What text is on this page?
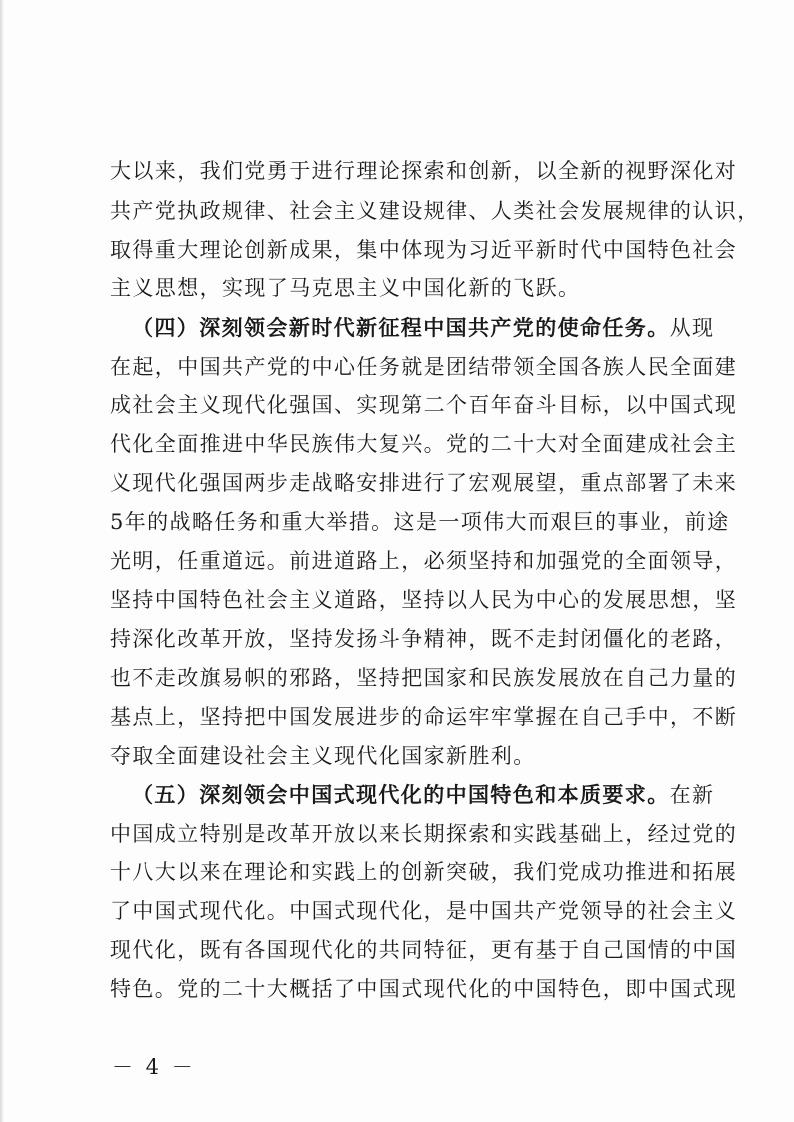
大以来，我们党勇于进行理论探索和创新，以全新的视野深化对
共产党执政规律、社会主义建设规律、人类社会发展规律的认识，
取得重大理论创新成果，集中体现为习近平新时代中国特色社会
主义思想，实现了马克思主义中国化新的飞跃。
（四）深刻领会新时代新征程中国共产党的使命任务。从现
在起，中国共产党的中心任务就是团结带领全国各族人民全面建
成社会主义现代化强国、实现第二个百年奋斗目标，以中国式现
代化全面推进中华民族伟大复兴。党的二十大对全面建成社会主
义现代化强国两步走战略安排进行了宏观展望，重点部署了未来
5年的战略任务和重大举措。这是一项伟大而艰巨的事业，前途
光明，任重道远。前进道路上，必须坚持和加强党的全面领导，
坚持中国特色社会主义道路，坚持以人民为中心的发展思想，坚
持深化改革开放，坚持发扬斗争精神，既不走封闭僵化的老路，
也不走改旗易帜的邪路，坚持把国家和民族发展放在自己力量的
基点上，坚持把中国发展进步的命运牢牢掌握在自己手中，不断
夺取全面建设社会主义现代化国家新胜利。
（五）深刻领会中国式现代化的中国特色和本质要求。在新
中国成立特别是改革开放以来长期探索和实践基础上，经过党的
十八大以来在理论和实践上的创新突破，我们党成功推进和拓展
了中国式现代化。中国式现代化，是中国共产党领导的社会主义
现代化，既有各国现代化的共同特征，更有基于自己国情的中国
特色。党的二十大概括了中国式现代化的中国特色，即中国式现
－ 4 －
